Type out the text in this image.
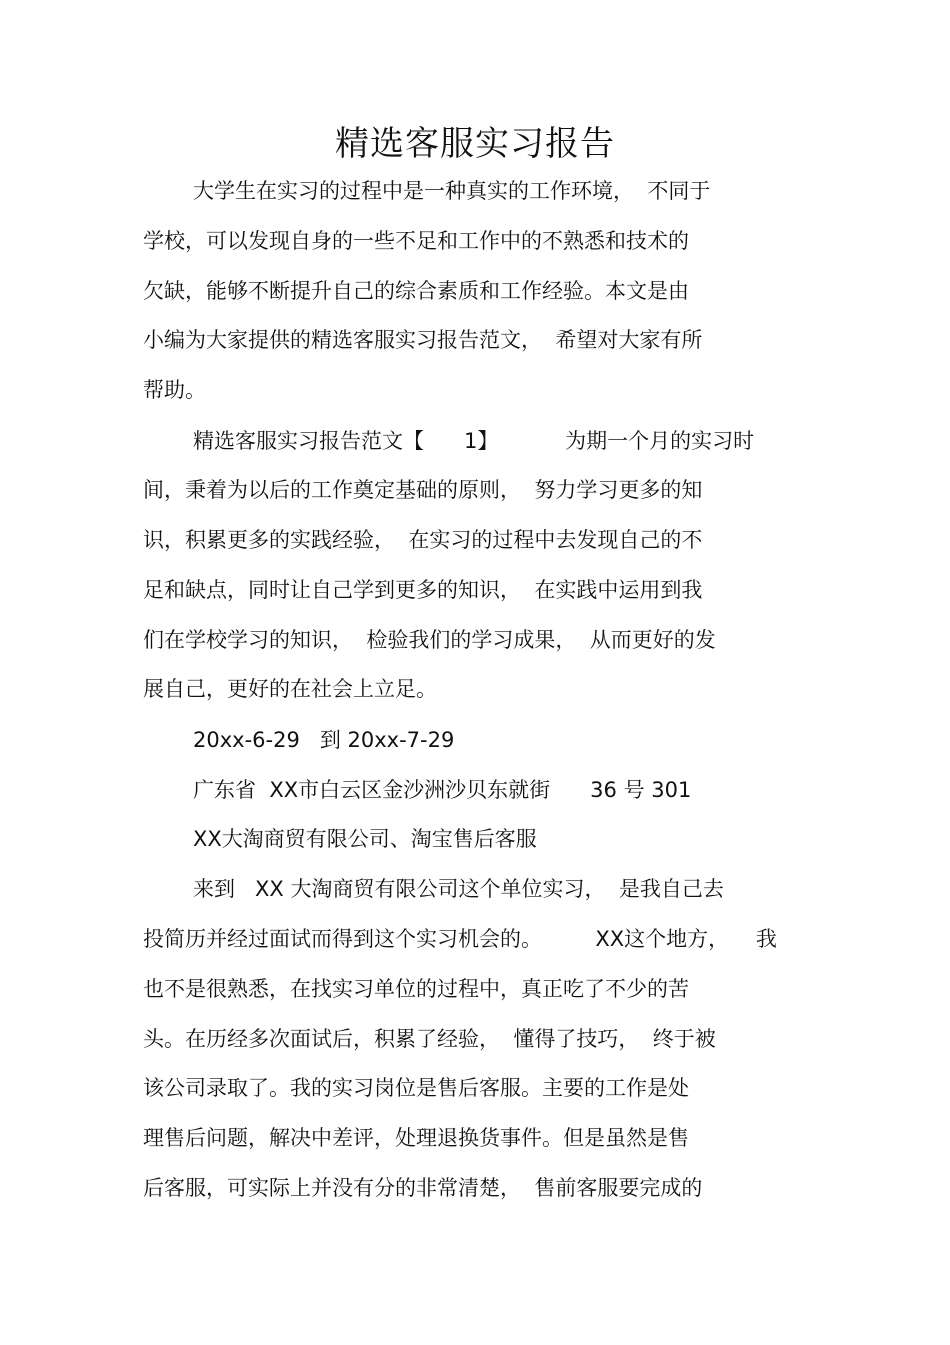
精选客服实习报告

大学生在实习的过程中是一种真实的工作环境，  不同于

学校，可以发现自身的一些不足和工作中的不熟悉和技术的

欠缺，能够不断提升自己的综合素质和工作经验。本文是由

小编为大家提供的精选客服实习报告范文，  希望对大家有所

帮助。

精选客服实习报告范文【      1】          为期一个月的实习时

间，秉着为以后的工作奠定基础的原则，  努力学习更多的知

识，积累更多的实践经验，  在实习的过程中去发现自己的不

足和缺点，同时让自己学到更多的知识，  在实践中运用到我

们在学校学习的知识，  检验我们的学习成果，  从而更好的发

展自己，更好的在社会上立足。

20xx-6-29   到 20xx-7-29

广东省  XX市白云区金沙洲沙贝东就街      36 号 301

XX大淘商贸有限公司、淘宝售后客服

来到   XX 大淘商贸有限公司这个单位实习，  是我自己去

投简历并经过面试而得到这个实习机会的。        XX这个地方，    我

也不是很熟悉，在找实习单位的过程中，真正吃了不少的苦

头。在历经多次面试后，积累了经验，  懂得了技巧，  终于被

该公司录取了。我的实习岗位是售后客服。主要的工作是处

理售后问题，解决中差评，处理退换货事件。但是虽然是售

后客服，可实际上并没有分的非常清楚，  售前客服要完成的
